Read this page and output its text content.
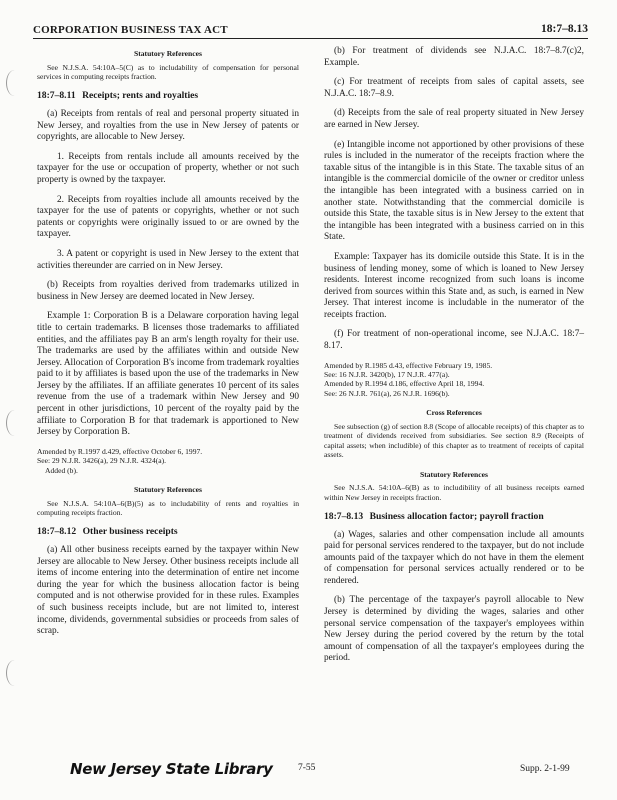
CORPORATION BUSINESS TAX ACT	18:7–8.13
Statutory References

See N.J.S.A. 54:10A–5(C) as to includability of compensation for personal services in computing receipts fraction.

18:7–8.11 Receipts; rents and royalties

(a) Receipts from rentals of real and personal property situated in New Jersey, and royalties from the use in New Jersey of patents or copyrights, are allocable to New Jersey.

1. Receipts from rentals include all amounts received by the taxpayer for the use or occupation of property, whether or not such property is owned by the taxpayer.

2. Receipts from royalties include all amounts received by the taxpayer for the use of patents or copyrights, whether or not such patents or copyrights were originally issued to or are owned by the taxpayer.

3. A patent or copyright is used in New Jersey to the extent that activities thereunder are carried on in New Jersey.

(b) Receipts from royalties derived from trademarks utilized in business in New Jersey are deemed located in New Jersey.

Example 1: Corporation B is a Delaware corporation having legal title to certain trademarks. B licenses those trademarks to affiliated entities, and the affiliates pay B an arm's length royalty for their use. The trademarks are used by the affiliates within and outside New Jersey. Allocation of Corporation B's income from trademark royalties paid to it by affiliates is based upon the use of the trademarks in New Jersey by the affiliates. If an affiliate generates 10 percent of its sales revenue from the use of a trademark within New Jersey and 90 percent in other jurisdictions, 10 percent of the royalty paid by the affiliate to Corporation B for that trademark is apportioned to New Jersey by Corporation B.

Amended by R.1997 d.429, effective October 6, 1997.
See: 29 N.J.R. 3426(a), 29 N.J.R. 4324(a).
Added (b).
Statutory References

See N.J.S.A. 54:10A–6(B)(5) as to includability of rents and royalties in computing receipts fraction.

18:7–8.12 Other business receipts

(a) All other business receipts earned by the taxpayer within New Jersey are allocable to New Jersey. Other business receipts include all items of income entering into the determination of entire net income during the year for which the business allocation factor is being computed and is not otherwise provided for in these rules. Examples of such business receipts include, but are not limited to, interest income, dividends, governmental subsidies or proceeds from sales of scrap.

(b) For treatment of dividends see N.J.A.C. 18:7–8.7(c)2, Example.

(c) For treatment of receipts from sales of capital assets, see N.J.A.C. 18:7–8.9.

(d) Receipts from the sale of real property situated in New Jersey are earned in New Jersey.

(e) Intangible income not apportioned by other provisions of these rules is included in the numerator of the receipts fraction where the taxable situs of the intangible is in this State. The taxable situs of an intangible is the commercial domicile of the owner or creditor unless the intangible has been integrated with a business carried on in another state. Notwithstanding that the commercial domicile is outside this State, the taxable situs is in New Jersey to the extent that the intangible has been integrated with a business carried on in this State.

Example: Taxpayer has its domicile outside this State. It is in the business of lending money, some of which is loaned to New Jersey residents. Interest income recognized from such loans is income derived from sources within this State and, as such, is earned in New Jersey. That interest income is includable in the numerator of the receipts fraction.

(f) For treatment of non-operational income, see N.J.A.C. 18:7–8.17.

Amended by R.1985 d.43, effective February 19, 1985.
See: 16 N.J.R. 3420(b), 17 N.J.R. 477(a).
Amended by R.1994 d.186, effective April 18, 1994.
See: 26 N.J.R. 761(a), 26 N.J.R. 1696(b).
Cross References

See subsection (g) of section 8.8 (Scope of allocable receipts) of this chapter as to treatment of dividends received from subsidiaries. See section 8.9 (Receipts of capital assets; when includible) of this chapter as to treatment of receipts of capital assets.

Statutory References

See N.J.S.A. 54:10A–6(B) as to includibility of all business receipts earned within New Jersey in receipts fraction.

18:7–8.13 Business allocation factor; payroll fraction

(a) Wages, salaries and other compensation include all amounts paid for personal services rendered to the taxpayer, but do not include amounts paid of the taxpayer which do not have in them the element of compensation for personal services actually rendered or to be rendered.

(b) The percentage of the taxpayer's payroll allocable to New Jersey is determined by dividing the wages, salaries and other personal service compensation of the taxpayer's employees within New Jersey during the period covered by the return by the total amount of compensation of all the taxpayer's employees during the period.

New Jersey State Library	7-55	Supp. 2-1-99
